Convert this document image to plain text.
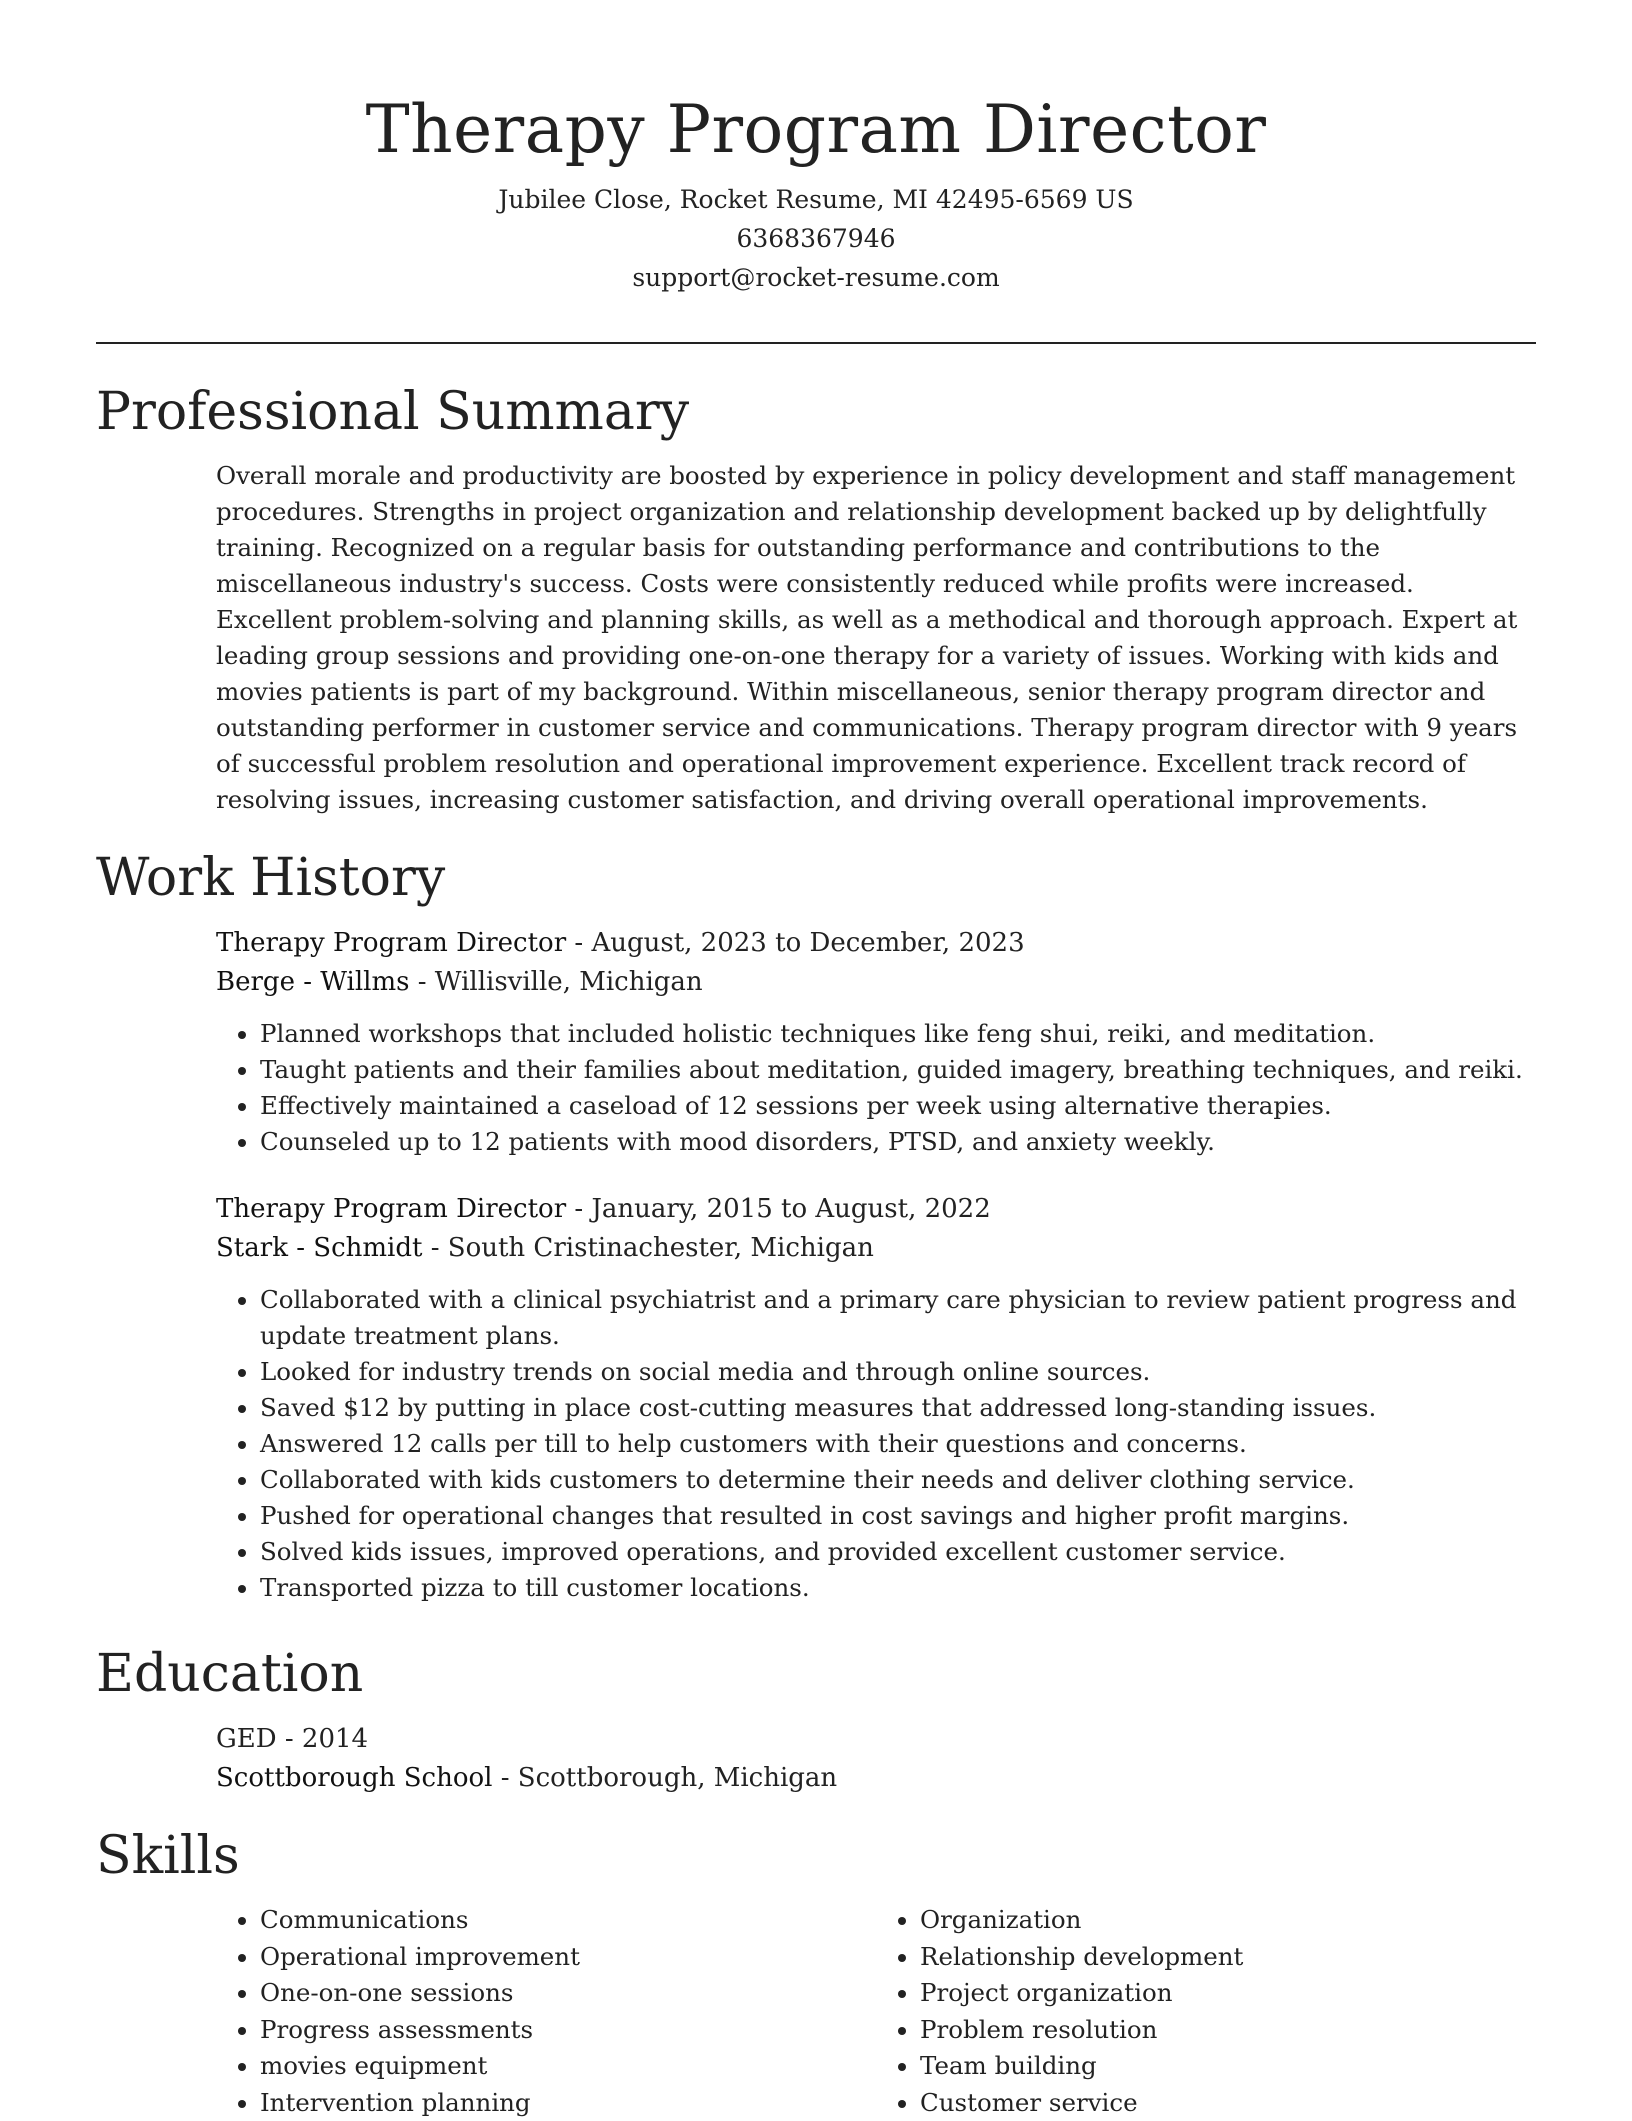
Therapy Program Director
Jubilee Close, Rocket Resume, MI 42495-6569 US
6368367946
support@rocket-resume.com
Professional Summary
Overall morale and productivity are boosted by experience in policy development and staff management procedures. Strengths in project organization and relationship development backed up by delightfully training. Recognized on a regular basis for outstanding performance and contributions to the miscellaneous industry's success. Costs were consistently reduced while profits were increased. Excellent problem-solving and planning skills, as well as a methodical and thorough approach. Expert at leading group sessions and providing one-on-one therapy for a variety of issues. Working with kids and movies patients is part of my background. Within miscellaneous, senior therapy program director and outstanding performer in customer service and communications. Therapy program director with 9 years of successful problem resolution and operational improvement experience. Excellent track record of resolving issues, increasing customer satisfaction, and driving overall operational improvements.
Work History
Therapy Program Director - August, 2023 to December, 2023
Berge - Willms - Willisville, Michigan
• Planned workshops that included holistic techniques like feng shui, reiki, and meditation.
• Taught patients and their families about meditation, guided imagery, breathing techniques, and reiki.
• Effectively maintained a caseload of 12 sessions per week using alternative therapies.
• Counseled up to 12 patients with mood disorders, PTSD, and anxiety weekly.
Therapy Program Director - January, 2015 to August, 2022
Stark - Schmidt - South Cristinachester, Michigan
• Collaborated with a clinical psychiatrist and a primary care physician to review patient progress and update treatment plans.
• Looked for industry trends on social media and through online sources.
• Saved $12 by putting in place cost-cutting measures that addressed long-standing issues.
• Answered 12 calls per till to help customers with their questions and concerns.
• Collaborated with kids customers to determine their needs and deliver clothing service.
• Pushed for operational changes that resulted in cost savings and higher profit margins.
• Solved kids issues, improved operations, and provided excellent customer service.
• Transported pizza to till customer locations.
Education
GED - 2014
Scottborough School - Scottborough, Michigan
Skills
• Communications
• Operational improvement
• One-on-one sessions
• Progress assessments
• movies equipment
• Intervention planning
• Organization
• Relationship development
• Project organization
• Problem resolution
• Team building
• Customer service
